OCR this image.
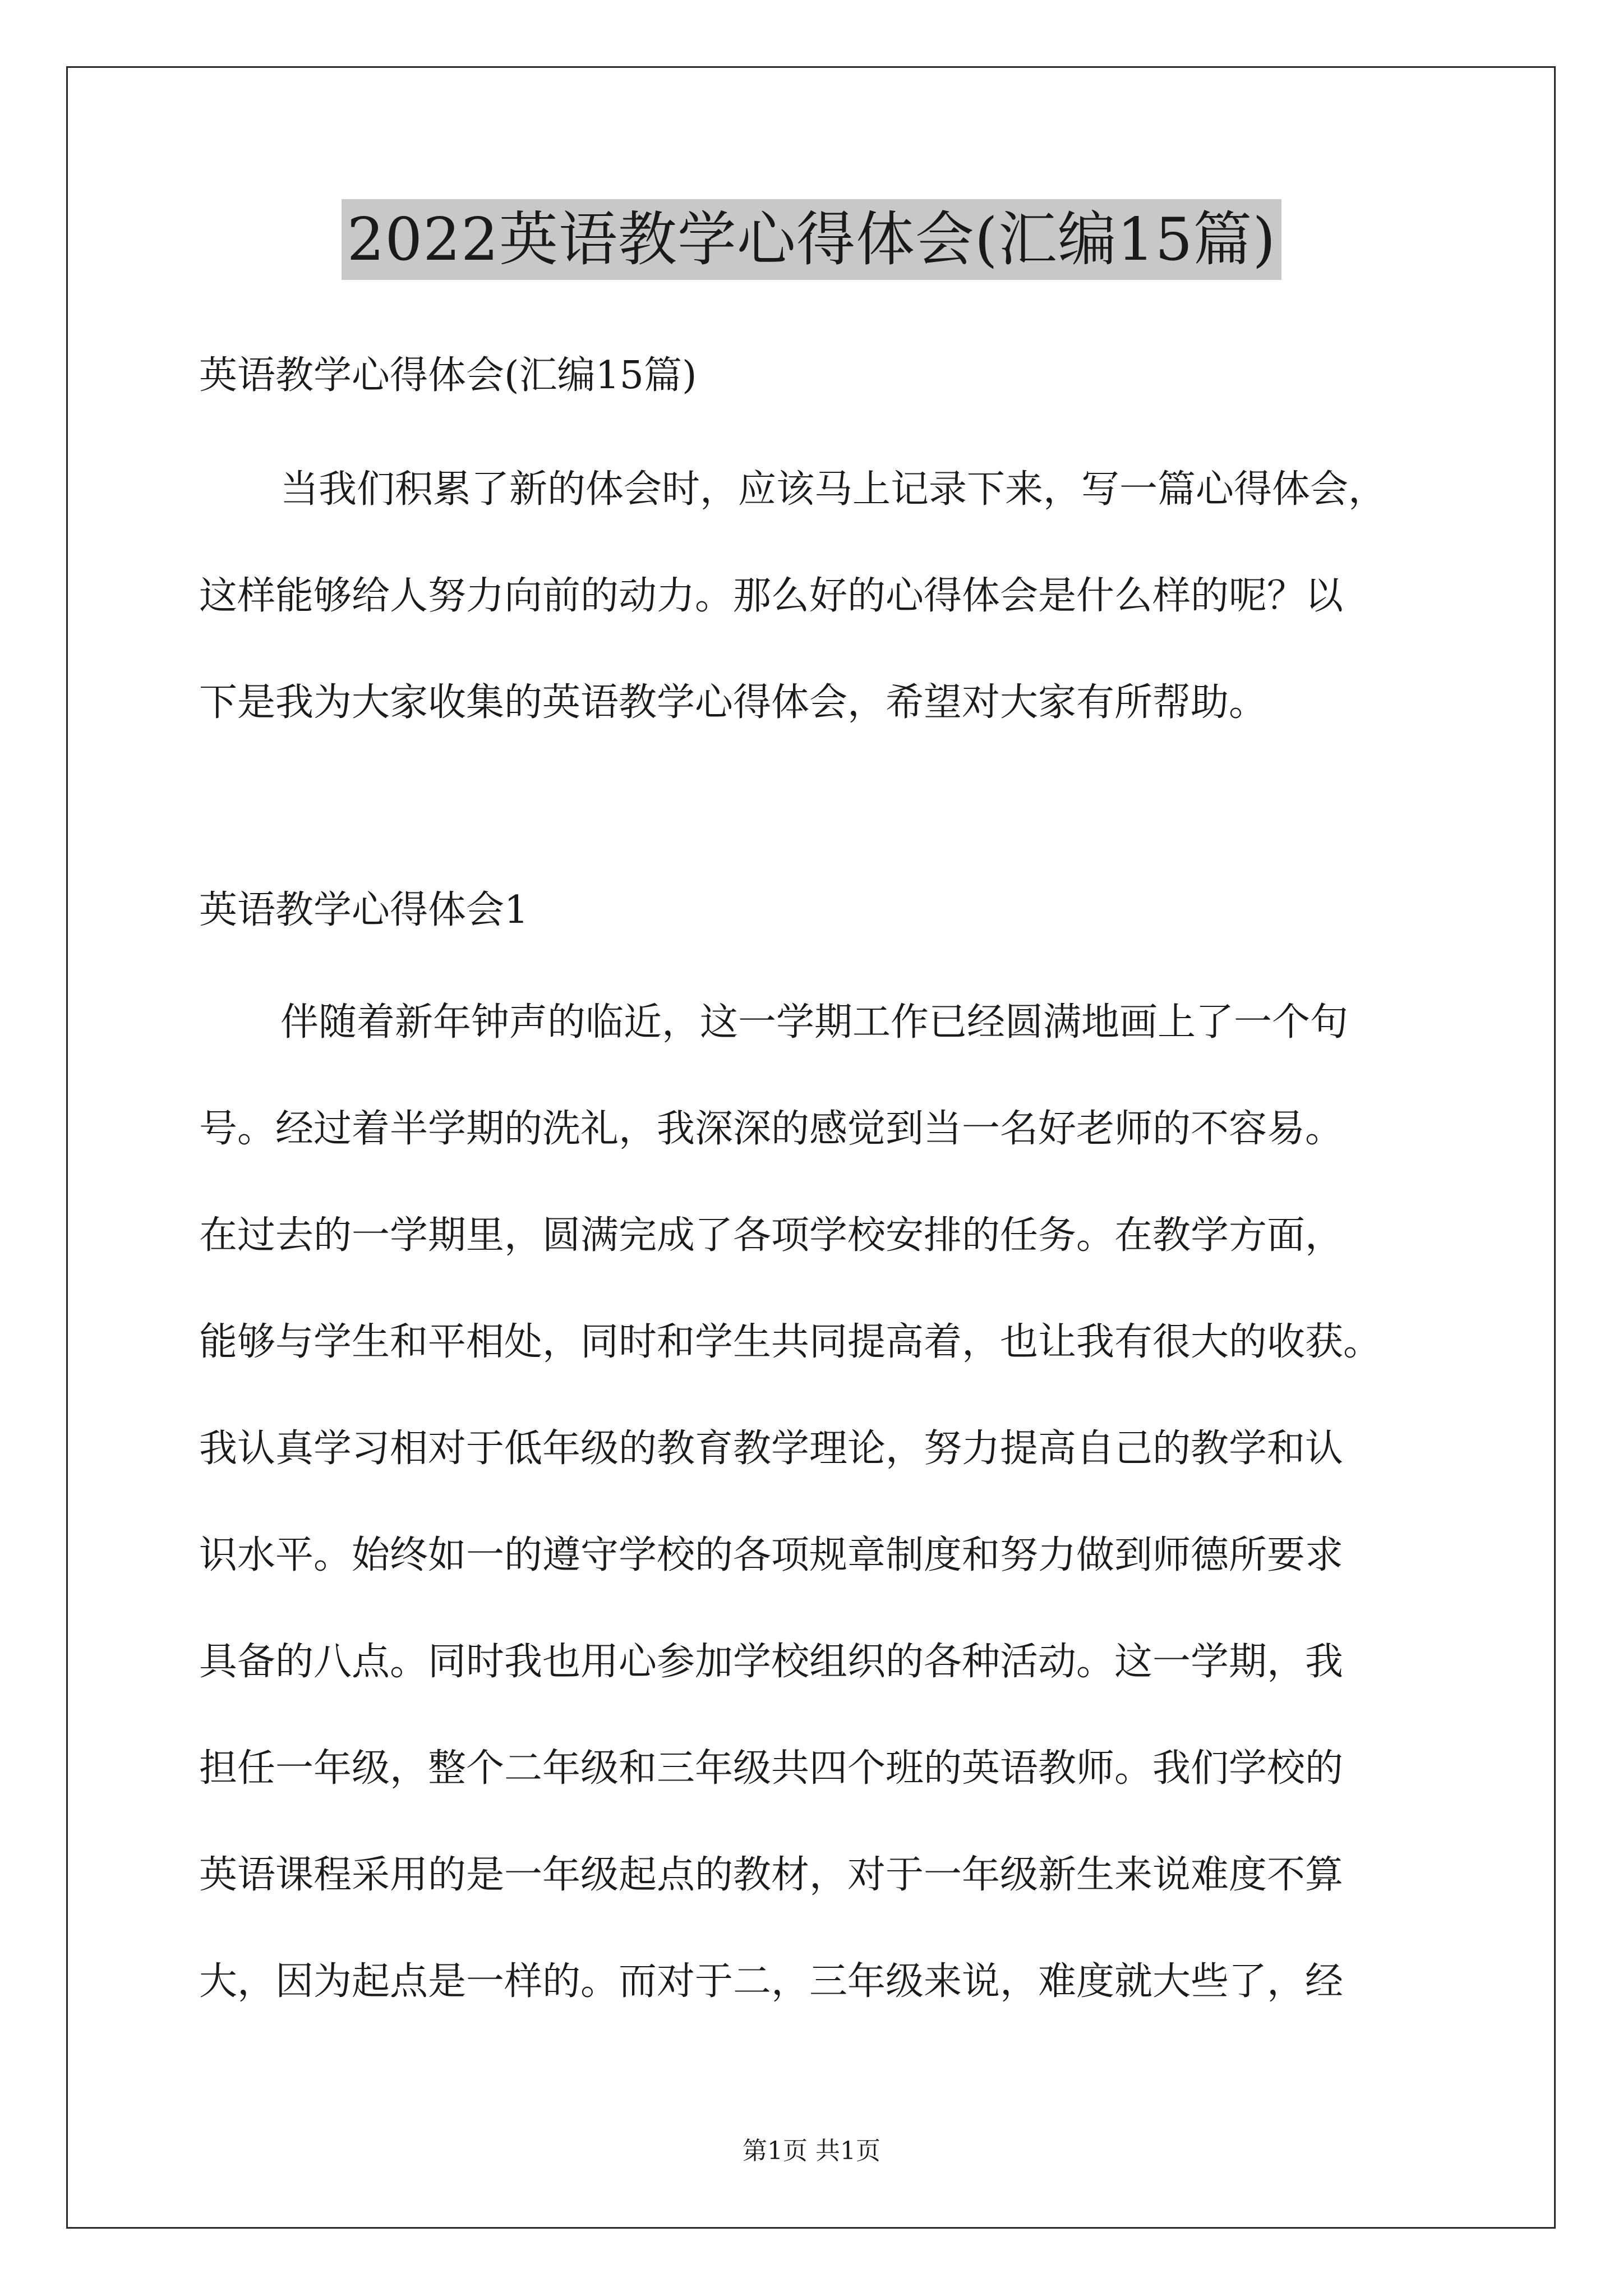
2022英语教学心得体会(汇编15篇)
英语教学心得体会(汇编15篇)
当我们积累了新的体会时，应该马上记录下来，写一篇心得体会，
这样能够给人努力向前的动力。那么好的心得体会是什么样的呢？以
下是我为大家收集的英语教学心得体会，希望对大家有所帮助。
英语教学心得体会1
伴随着新年钟声的临近，这一学期工作已经圆满地画上了一个句
号。经过着半学期的洗礼，我深深的感觉到当一名好老师的不容易。
在过去的一学期里，圆满完成了各项学校安排的任务。在教学方面，
能够与学生和平相处，同时和学生共同提高着，也让我有很大的收获。
我认真学习相对于低年级的教育教学理论，努力提高自己的教学和认
识水平。始终如一的遵守学校的各项规章制度和努力做到师德所要求
具备的八点。同时我也用心参加学校组织的各种活动。这一学期，我
担任一年级，整个二年级和三年级共四个班的英语教师。我们学校的
英语课程采用的是一年级起点的教材，对于一年级新生来说难度不算
大，因为起点是一样的。而对于二，三年级来说，难度就大些了，经
第1页 共1页
